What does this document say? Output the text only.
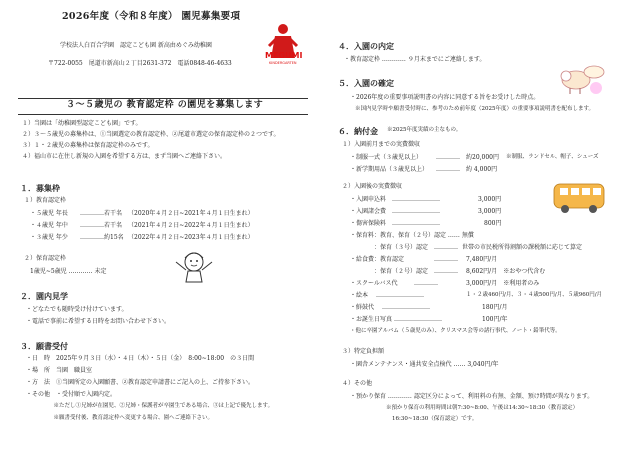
2026年度（令和８年度） 園児募集要項
学校法人白百合学園　認定こども園 新高由めぐみ幼稚園
〒722-0055　尾道市新高山２丁目2631-372　電話0848-46-4633
MEGUMI
KINDERGARTEN
３～５歳児の 教育認定枠 の園児を募集します
１）当園は「幼稚園型認定こども園」です。
２）３～５歳児の募集枠は、①当園選定の教育認定枠、②尾道市選定の保育認定枠の２つです。
３）１・２歳児の募集枠は保育認定枠のみです。
４）福山市に在住し新規の入園を希望する方は、まず当園へご連絡下さい。
１．募集枠
１）教育認定枠
・５歳児 年長 ………… 若干名 （2020年４月２日~2021年４月１日生まれ）
・４歳児 年中 ………… 若干名 （2021年４月２日~2022年４月１日生まれ）
・３歳児 年少 ………… 約15名 （2022年４月２日~2023年４月１日生まれ）
２）保育認定枠
1歳児~5歳児 ………… 未定
２．園内見学
・どなたでも随時受け付けています。
・電話で事前に希望する日時をお問い合わせ下さい。
３．願書受付
・日　時　2025年９月３日（水）・４日（木）・５日（金）　8:00~18:00　の３日間
・場　所　当園　職員室
・方　法　①当園所定の入園願書、②教育認定申請書にご記入の上、ご持参下さい。
・その他　・受付順で入園内定。
　　　　　※ただし①兄姉が在園児、②兄姉・保護者が卒園生である場合、③は上記で優先します。
　　　　　※願書受付後、教育認定枠へ変更する場合、園へご連絡下さい。
４．入園の内定
・教育認定枠 ………… ９月末までにご連絡します。
５．入園の確定
・2026年度の重要事項説明書の内容に同意する旨をお受けした時点。
※国内見学時や願書受付時に、参考のため前年度（2025年度）の重要事項説明書を配布します。
６．納付金 ※2025年度実績の主なもの。
１）入園前月までの実費徴収
・制服一式（３歳児以上） ………… 約20,000円 ※制服、ランドセル、帽子、シューズ
・新学期用品（３歳児以上） ………… 約 4,000円
２）入園後の実費徴収
・入園申込料 ……………………	3,000円
・入園諸会費 ……………………	3,000円
・傷害保険料 ……………………	800円
・保育料：教育、保育（２号）認定 …… 無償
　　　　：保育（３号）認定 ………… 世帯の市民税所得割額の課税額に応じて算定
・給食費：教育認定	………… 7,480円/月
　　　　：保育（２号）認定 ………… 8,602円/月　※おやつ代含む
・スクールバス代	…………	3,000円/月　※利用者のみ
・絵本 ……………………	１・２歳460円/月、３・４歳500円/月、５歳960円/月
・鮮鼓代 ……………………	180円/月
・お誕生日写真 ……………………	100円/年
・他に卒園アルバム（５歳児のみ）、クリスマス会等の諸行事代、ノート・鉛筆代等。
３）特定負担額
・園舎メンテナンス・通共安全点検代 …… 3,040円/年
４）その他
・預かり保育 ………… 認定区分によって、利用料の有無、金額、預け時間が異なります。
※預かり保育の利用時間は朝7:30~8:00、午後は14:30~18:30（教育認定）
16:30~18:30（保育認定）です。
